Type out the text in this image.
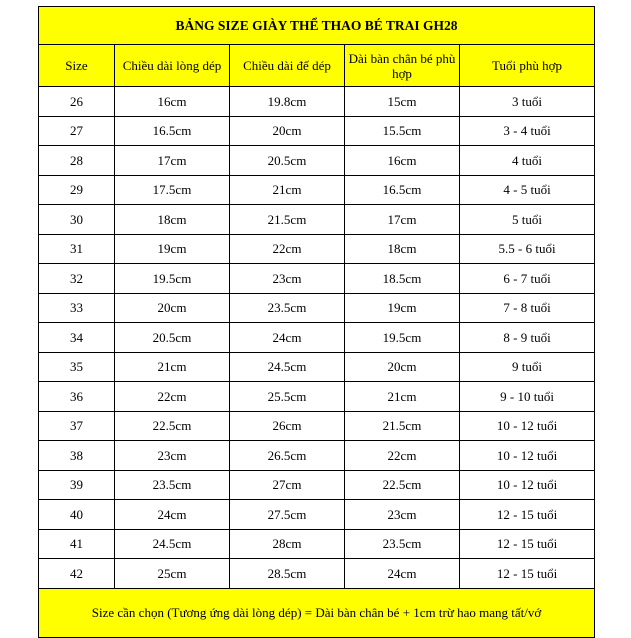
BẢNG SIZE GIÀY THỂ THAO BÉ TRAI GH28				
Size	Chiều dài lòng dép	Chiều dài đế dép	Dài bàn chân bé phù hợp	Tuổi phù hợp
26	16cm	19.8cm	15cm	3 tuổi
27	16.5cm	20cm	15.5cm	3 - 4 tuổi
28	17cm	20.5cm	16cm	4 tuổi
29	17.5cm	21cm	16.5cm	4 - 5 tuổi
30	18cm	21.5cm	17cm	5 tuổi
31	19cm	22cm	18cm	5.5 - 6 tuổi
32	19.5cm	23cm	18.5cm	6 - 7 tuổi
33	20cm	23.5cm	19cm	7 - 8 tuổi
34	20.5cm	24cm	19.5cm	8 - 9 tuổi
35	21cm	24.5cm	20cm	9 tuổi
36	22cm	25.5cm	21cm	9 - 10 tuổi
37	22.5cm	26cm	21.5cm	10 - 12 tuổi
38	23cm	26.5cm	22cm	10 - 12 tuổi
39	23.5cm	27cm	22.5cm	10 - 12 tuổi
40	24cm	27.5cm	23cm	12 - 15 tuổi
41	24.5cm	28cm	23.5cm	12 - 15 tuổi
42	25cm	28.5cm	24cm	12 - 15 tuổi
Size cần chọn (Tương ứng dài lòng dép) = Dài bàn chân bé + 1cm trừ hao mang tất/vớ				
